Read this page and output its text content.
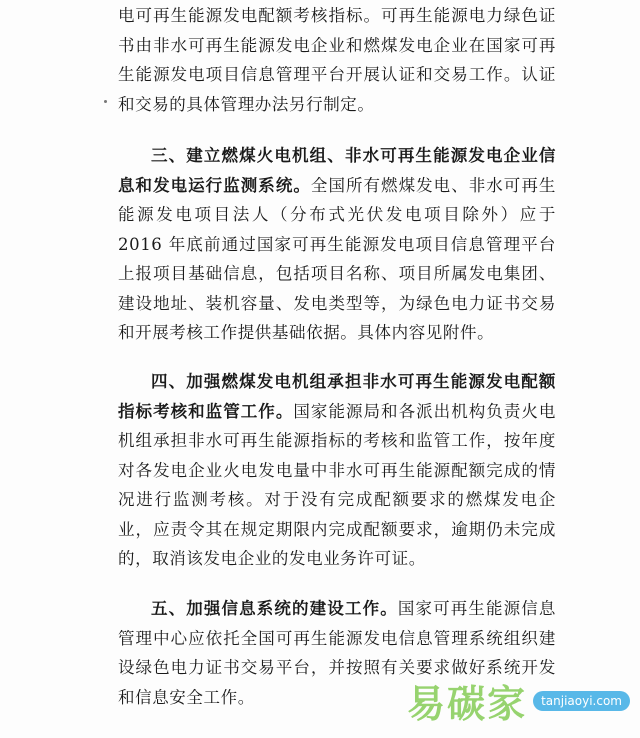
电可再生能源发电配额考核指标。可再生能源电力绿色证书由非水可再生能源发电企业和燃煤发电企业在国家可再生能源发电项目信息管理平台开展认证和交易工作。认证和交易的具体管理办法另行制定。

三、建立燃煤火电机组、非水可再生能源发电企业信息和发电运行监测系统。全国所有燃煤发电、非水可再生能源发电项目法人（分布式光伏发电项目除外）应于 2016 年底前通过国家可再生能源发电项目信息管理平台上报项目基础信息，包括项目名称、项目所属发电集团、建设地址、装机容量、发电类型等，为绿色电力证书交易和开展考核工作提供基础依据。具体内容见附件。

四、加强燃煤发电机组承担非水可再生能源发电配额指标考核和监管工作。国家能源局和各派出机构负责火电机组承担非水可再生能源指标的考核和监管工作，按年度对各发电企业火电发电量中非水可再生能源配额完成的情况进行监测考核。对于没有完成配额要求的燃煤发电企业，应责令其在规定期限内完成配额要求，逾期仍未完成的，取消该发电企业的发电业务许可证。

五、加强信息系统的建设工作。国家可再生能源信息管理中心应依托全国可再生能源发电信息管理系统组织建设绿色电力证书交易平台，并按照有关要求做好系统开发和信息安全工作。	易碳家	tanjiaoyi.com
